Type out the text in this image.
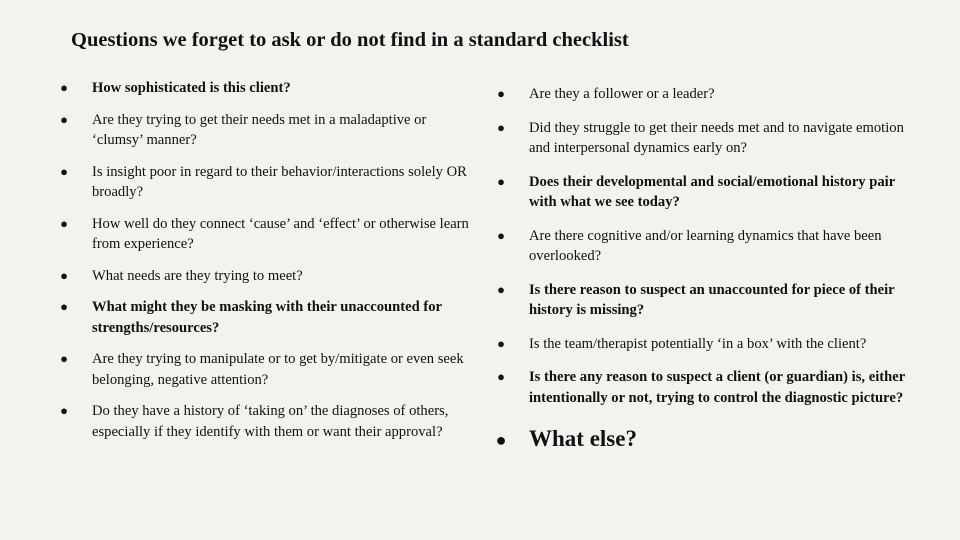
Questions we forget to ask or do not find in a standard checklist
● How sophisticated is this client?
● Are they trying to get their needs met in a maladaptive or ‘clumsy’ manner?
● Is insight poor in regard to their behavior/interactions solely OR broadly?
● How well do they connect ‘cause’ and ‘effect’ or otherwise learn from experience?
● What needs are they trying to meet?
● What might they be masking with their unaccounted for strengths/resources?
● Are they trying to manipulate or to get by/mitigate or even seek belonging, negative attention?
● Do they have a history of ‘taking on’ the diagnoses of others, especially if they identify with them or want their approval?
● Are they a follower or a leader?
● Did they struggle to get their needs met and to navigate emotion and interpersonal dynamics early on?
● Does their developmental and social/emotional history pair with what we see today?
● Are there cognitive and/or learning dynamics that have been overlooked?
● Is there reason to suspect an unaccounted for piece of their history is missing?
● Is the team/therapist potentially ‘in a box’ with the client?
● Is there any reason to suspect a client (or guardian) is, either intentionally or not, trying to control the diagnostic picture?
● What else?
